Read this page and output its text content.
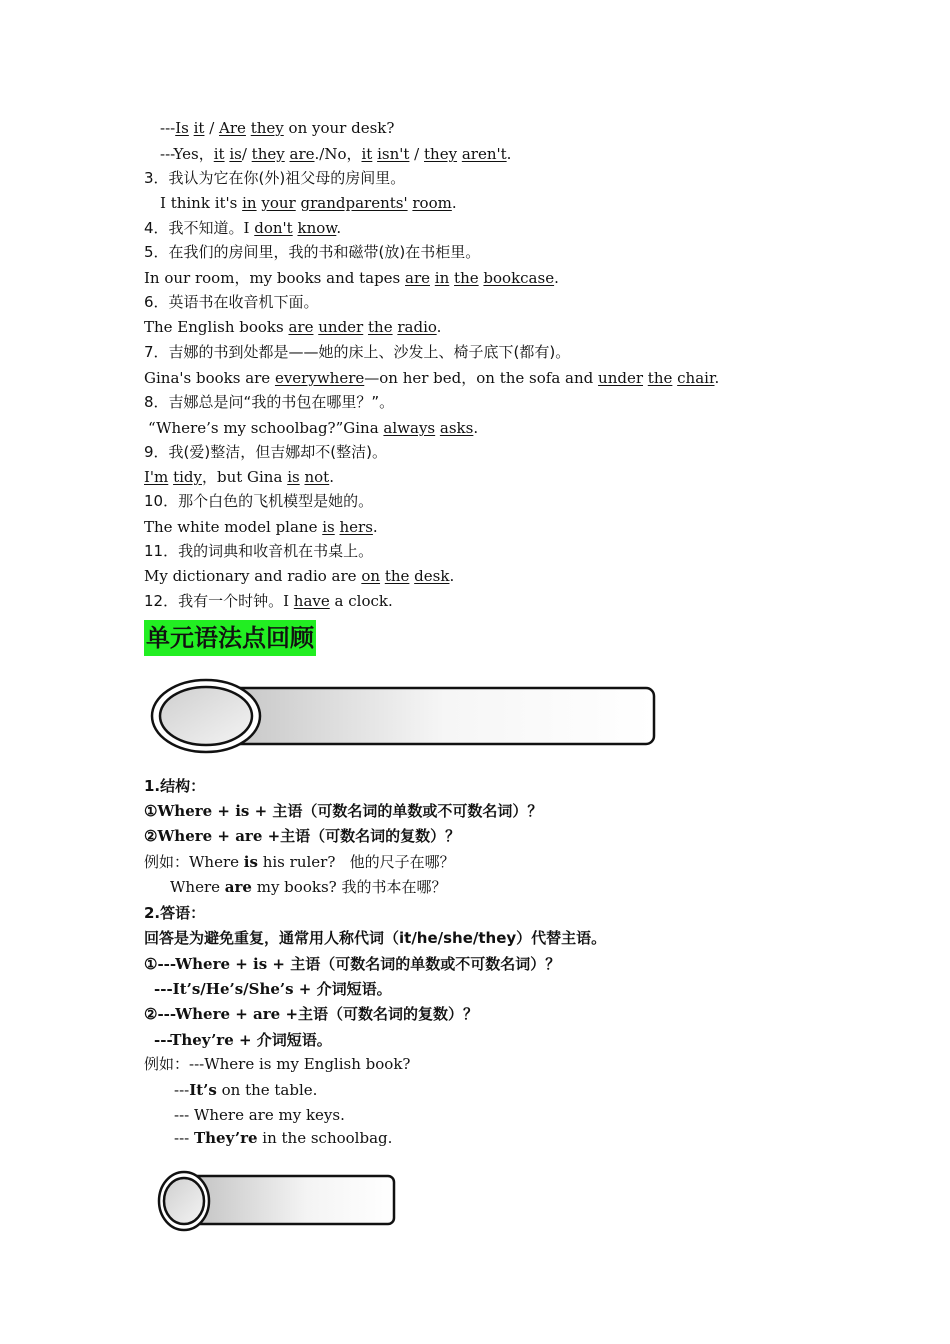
---Is it / Are they on your desk?
---Yes，it is/ they are./No，it isn't / they aren't.
3．我认为它在你(外)祖父母的房间里。
I think it's in your grandparents' room.
4．我不知道。I don't know.
5．在我们的房间里，我的书和磁带(放)在书柜里。
In our room，my books and tapes are in the bookcase.
6．英语书在收音机下面。
The English books are under the radio.
7．吉娜的书到处都是——她的床上、沙发上、椅子底下(都有)。
Gina's books are everywhere—on her bed，on the sofa and under the chair.
8．吉娜总是问“我的书包在哪里？”。
“Where’s my schoolbag?”Gina always asks.
9．我(爱)整洁，但吉娜却不(整洁)。
I'm tidy，but Gina is not.
10．那个白色的飞机模型是她的。
The white model plane is hers.
11．我的词典和收音机在书桌上。
My dictionary and radio are on the desk.
12．我有一个时钟。I have a clock.
单元语法点回顾
1.结构：
①Where + is + 主语（可数名词的单数或不可数名词）？
②Where + are +主语（可数名词的复数）？
例如：Where is his ruler?   他的尺子在哪？
Where are my books? 我的书本在哪？
2.答语：
回答是为避免重复，通常用人称代词（it/he/she/they）代替主语。
①---Where + is + 主语（可数名词的单数或不可数名词）？
---It’s/He’s/She’s + 介词短语。
②---Where + are +主语（可数名词的复数）？
---They’re + 介词短语。
例如：---Where is my English book?
---It’s on the table.
--- Where are my keys.
--- They’re in the schoolbag.
